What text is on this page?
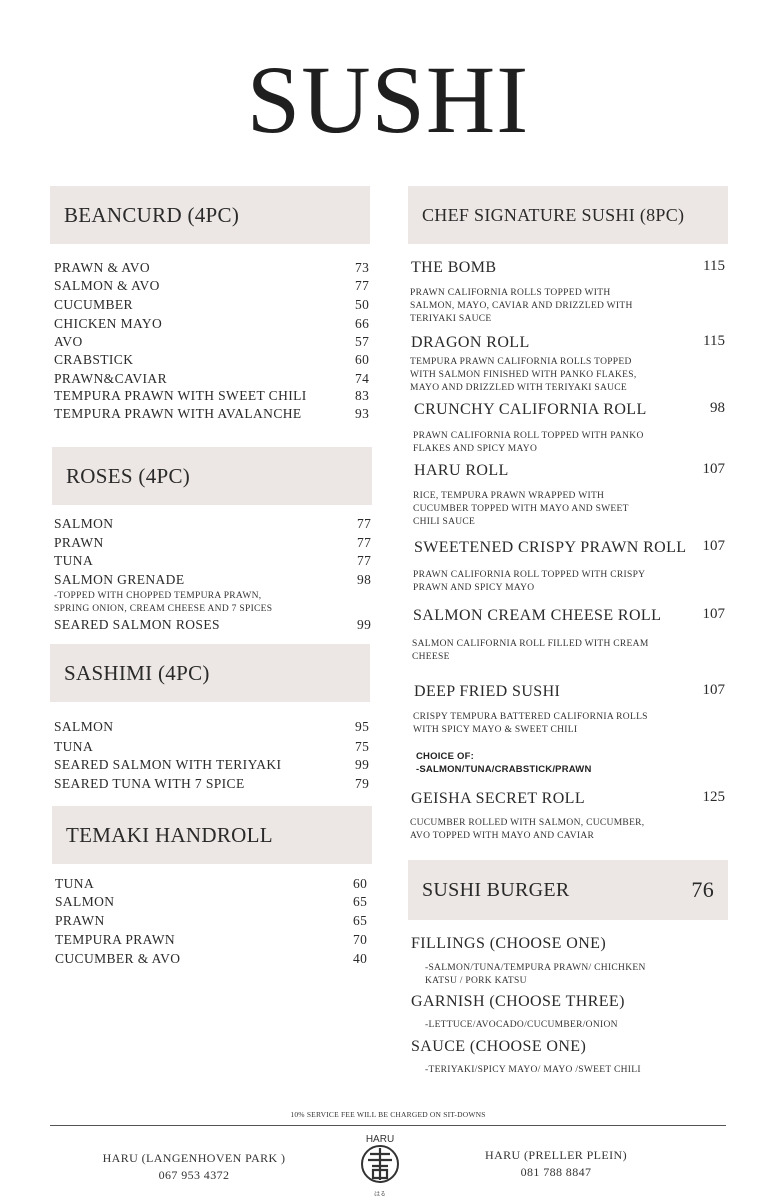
SUSHI
BEANCURD (4PC)
PRAWN & AVO	73
SALMON & AVO	77
CUCUMBER	50
CHICKEN MAYO	66
AVO	57
CRABSTICK	60
PRAWN&CAVIAR	74
TEMPURA PRAWN WITH SWEET CHILI	83
TEMPURA PRAWN WITH AVALANCHE	93
ROSES (4PC)
SALMON	77
PRAWN	77
TUNA	77
SALMON GRENADE	98
SEARED SALMON ROSES	99
-TOPPED WITH CHOPPED TEMPURA PRAWN,
SPRING ONION, CREAM CHEESE AND 7 SPICES
SASHIMI (4PC)
SALMON	95
TUNA	75
SEARED SALMON WITH TERIYAKI	99
SEARED TUNA WITH 7 SPICE	79
TEMAKI HANDROLL
TUNA	60
SALMON	65
PRAWN	65
TEMPURA PRAWN	70
CUCUMBER & AVO	40
CHEF SIGNATURE SUSHI (8PC)
THE BOMB	115
PRAWN CALIFORNIA ROLLS TOPPED WITH
SALMON, MAYO, CAVIAR AND DRIZZLED WITH
TERIYAKI SAUCE
DRAGON ROLL	115
TEMPURA PRAWN CALIFORNIA ROLLS TOPPED
WITH SALMON FINISHED WITH PANKO FLAKES,
MAYO AND DRIZZLED WITH TERIYAKI SAUCE
CRUNCHY CALIFORNIA ROLL	98
PRAWN CALIFORNIA ROLL TOPPED WITH PANKO
FLAKES AND SPICY MAYO
HARU ROLL	107
RICE, TEMPURA PRAWN WRAPPED WITH
CUCUMBER TOPPED WITH MAYO AND SWEET
CHILI SAUCE
SWEETENED CRISPY PRAWN ROLL	107
PRAWN CALIFORNIA ROLL TOPPED WITH CRISPY
PRAWN AND SPICY MAYO
SALMON CREAM CHEESE ROLL	107
SALMON CALIFORNIA ROLL FILLED WITH CREAM
CHEESE
DEEP FRIED SUSHI	107
CRISPY TEMPURA BATTERED CALIFORNIA ROLLS
WITH SPICY MAYO & SWEET CHILI
GEISHA SECRET ROLL	125
CUCUMBER ROLLED WITH SALMON, CUCUMBER,
AVO TOPPED WITH MAYO AND CAVIAR
CHOICE OF:
-SALMON/TUNA/CRABSTICK/PRAWN
SUSHI BURGER	76
FILLINGS (CHOOSE ONE)
-SALMON/TUNA/TEMPURA PRAWN/ CHICHKEN
KATSU / PORK KATSU
GARNISH (CHOOSE THREE)
-LETTUCE/AVOCADO/CUCUMBER/ONION
SAUCE (CHOOSE ONE)
-TERIYAKI/SPICY MAYO/ MAYO /SWEET CHILI
10% SERVICE FEE WILL BE CHARGED ON SIT-DOWNS
HARU (LANGENHOVEN PARK )
067 953 4372
HARU (PRELLER PLEIN)
081 788 8847
HARU
はる
